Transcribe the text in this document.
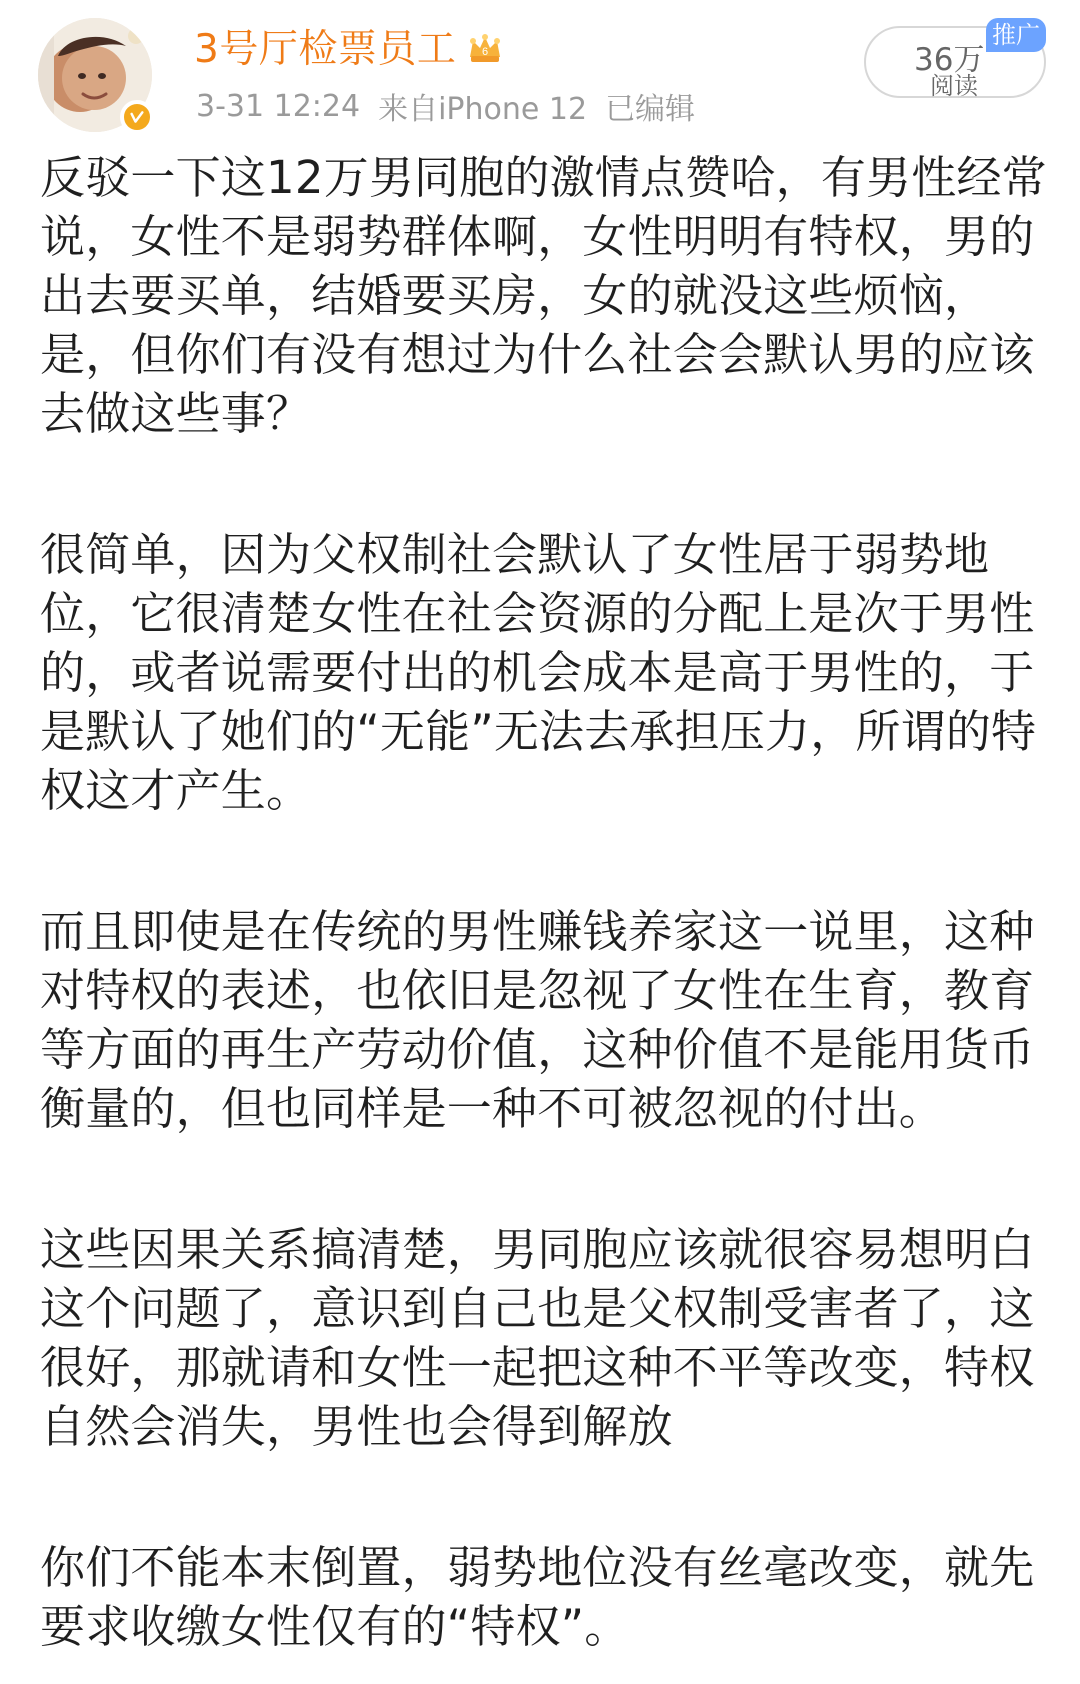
3号厅检票员工 6
3-31 12:24 来自iPhone 12 已编辑
36万
阅读
推广

反驳一下这12万男同胞的激情点赞哈，有男性经常说，女性不是弱势群体啊，女性明明有特权，男的出去要买单，结婚要买房，女的就没这些烦恼，是，但你们有没有想过为什么社会会默认男的应该去做这些事？

很简单，因为父权制社会默认了女性居于弱势地位，它很清楚女性在社会资源的分配上是次于男性的，或者说需要付出的机会成本是高于男性的，于是默认了她们的“无能”无法去承担压力，所谓的特权这才产生。

而且即使是在传统的男性赚钱养家这一说里，这种对特权的表述，也依旧是忽视了女性在生育，教育等方面的再生产劳动价值，这种价值不是能用货币衡量的，但也同样是一种不可被忽视的付出。

这些因果关系搞清楚，男同胞应该就很容易想明白这个问题了，意识到自己也是父权制受害者了，这很好，那就请和女性一起把这种不平等改变，特权自然会消失，男性也会得到解放

你们不能本末倒置，弱势地位没有丝毫改变，就先要求收缴女性仅有的“特权”。
